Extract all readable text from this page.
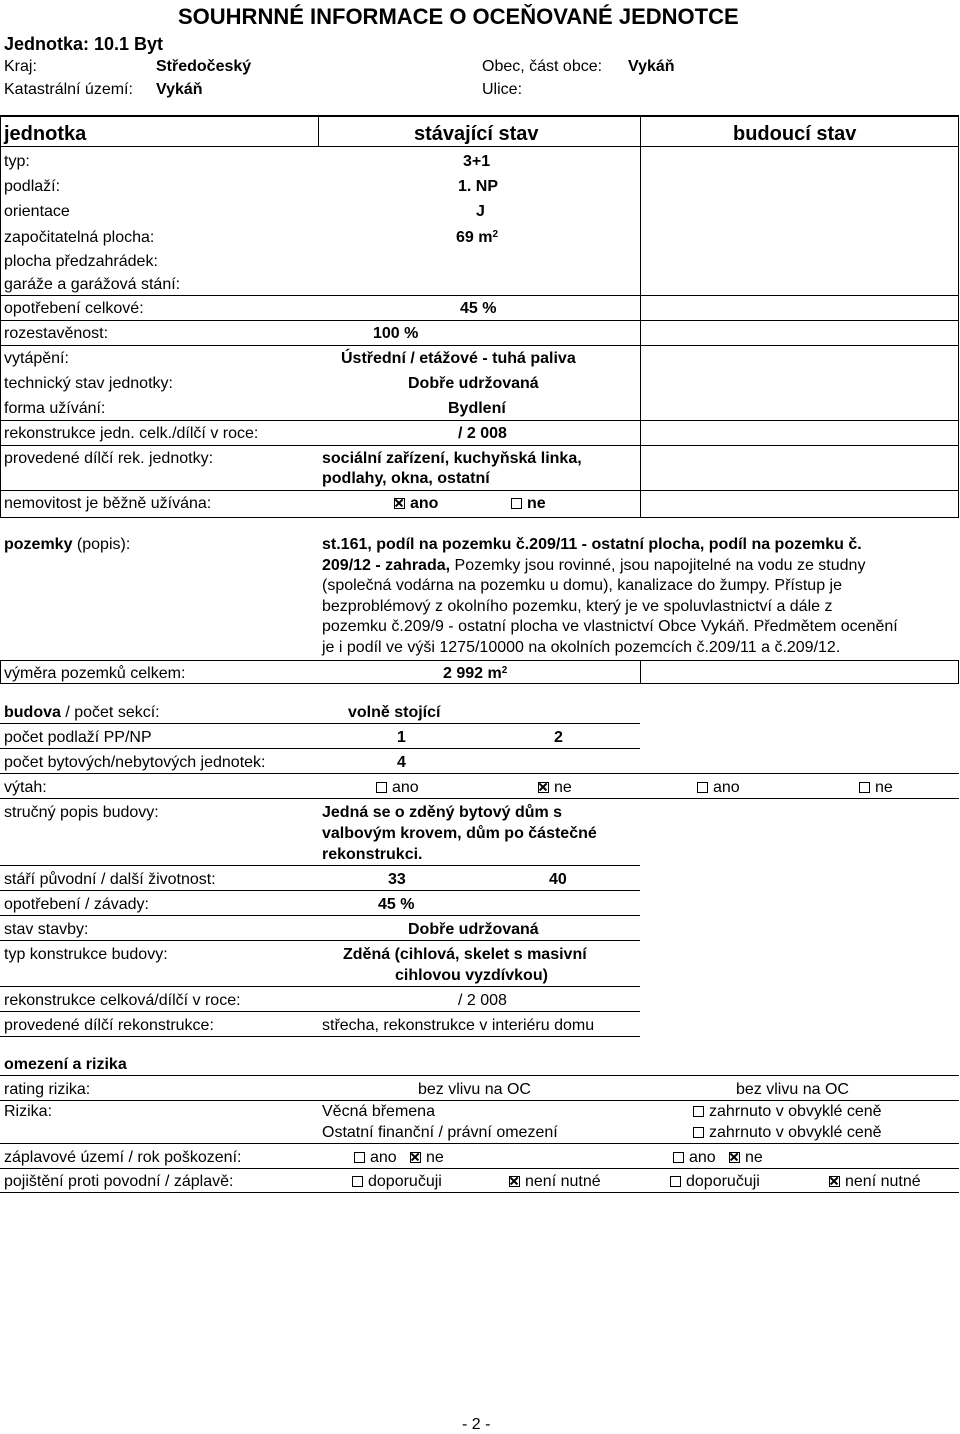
SOUHRNNÉ INFORMACE O OCEŇOVANÉ JEDNOTCE
Jednotka: 10.1 Byt
Kraj:	Středočeský	Obec, část obce: Vykáň
Katastrální území: Vykáň	Ulice:
jednotka	stávající stav	budoucí stav
typ:	3+1
podlaží:	1. NP
orientace	J
započitatelná plocha:	69 $m^2$
plocha předzahrádek:
garáže a garážová stání:
opotřebení celkové:	45 %
rozestavěnost:	100 %
vytápění:	Ústřední / etážové - tuhá paliva
technický stav jednotky:	Dobře udržovaná
forma užívání:	Bydlení
rekonstrukce jedn. celk./dílčí v roce:	/ 2 008
provedené dílčí rek. jednotky:	sociální zařízení, kuchyňská linka,
podlahy, okna, ostatní
nemovitost je běžně užívána:	ano	ne
pozemky (popis):	st.161, podíl na pozemku č.209/11 - ostatní plocha, podíl na pozemku č.
209/12 - zahrada, Pozemky jsou rovinné, jsou napojitelné na vodu ze studny
(společná vodárna na pozemku u domu), kanalizace do žumpy. Přístup je
bezproblémový z okolního pozemku, který je ve spoluvlastnictví a dále z
pozemku č.209/9 - ostatní plocha ve vlastnictví Obce Vykáň. Předmětem ocenění
je i podíl ve výši 1275/10000 na okolních pozemcích č.209/11 a č.209/12.
výměra pozemků celkem:	2 992 $m^2$
budova / počet sekcí:	volně stojící
počet podlaží PP/NP	1	2
počet bytových/nebytových jednotek:	4
výtah:	ano	ne	ano	ne
stručný popis budovy:	Jedná se o zděný bytový dům s
valbovým krovem, dům po částečné
rekonstrukci.
stáří původní / další životnost:	33	40
opotřebení / závady:	45 %
stav stavby:	Dobře udržovaná
typ konstrukce budovy:	Zděná (cihlová, skelet s masivní
cihlovou vyzdívkou)
rekonstrukce celková/dílčí v roce:	/ 2 008
provedené dílčí rekonstrukce:	střecha, rekonstrukce v interiéru domu
omezení a rizika
rating rizika:	bez vlivu na OC	bez vlivu na OC
Rizika:	Věcná břemena	zahrnuto v obvyklé ceně
Ostatní finanční / právní omezení	zahrnuto v obvyklé ceně
záplavové území / rok poškození:	ano	ne	ano	ne
pojištění proti povodní / záplavě:	doporučuji	není nutné	doporučuji	není nutné
- 2 -
